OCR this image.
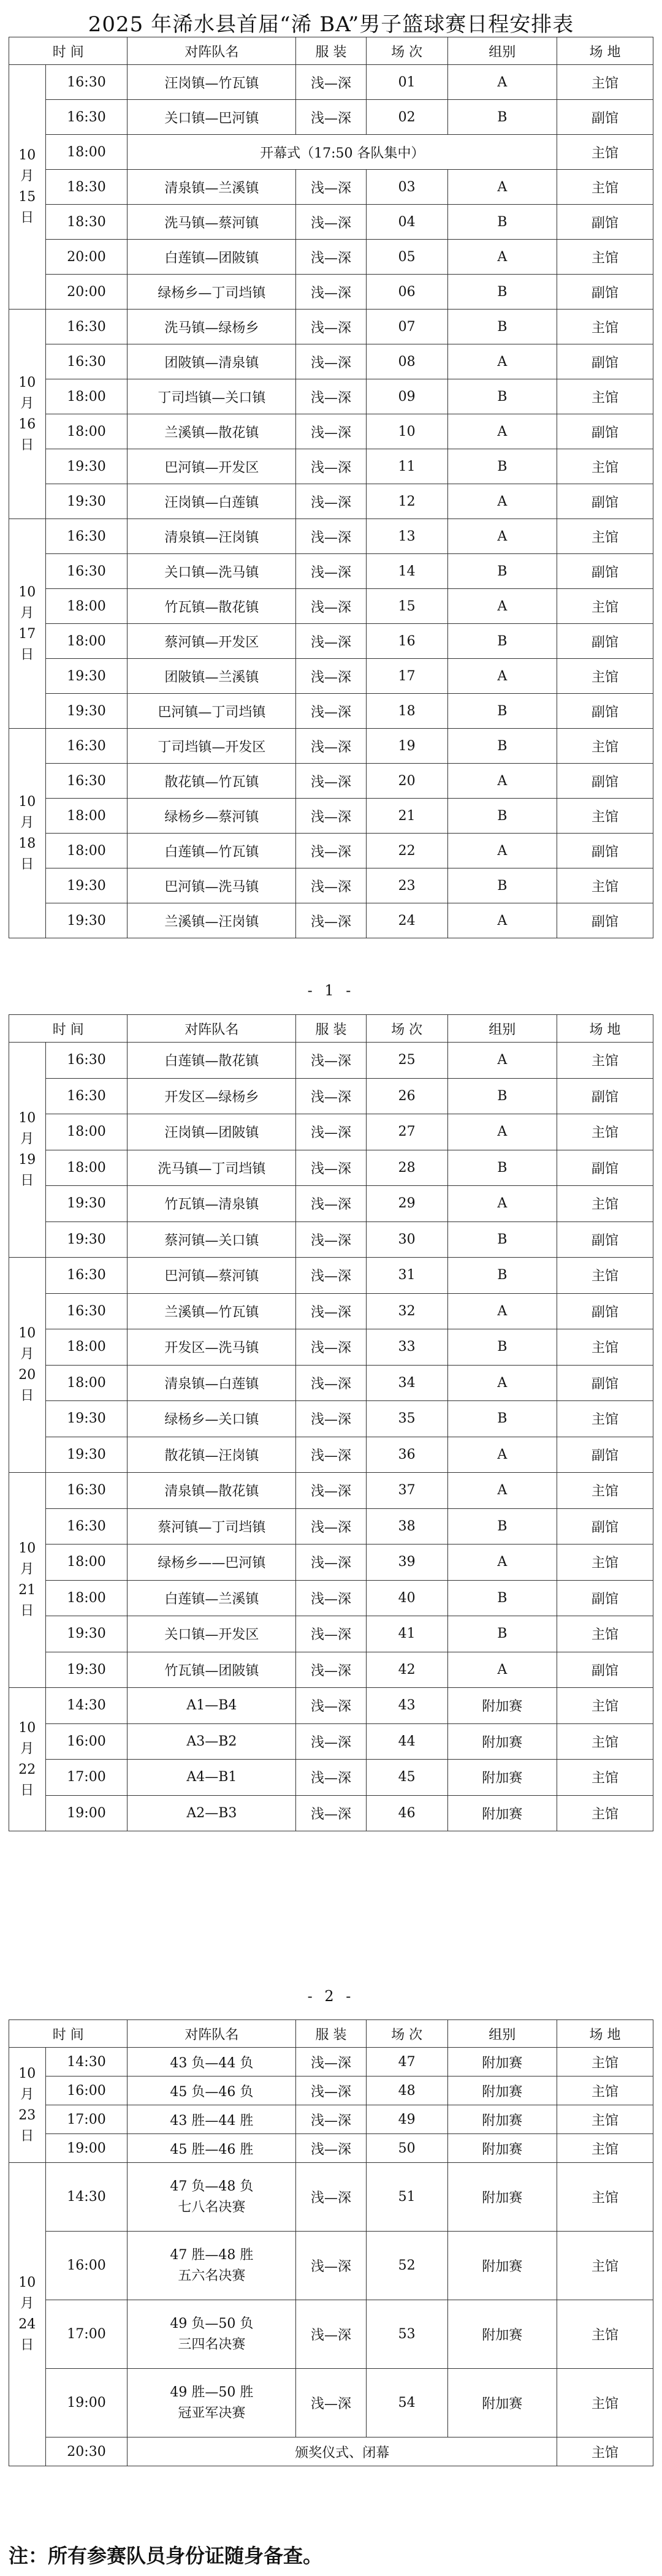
2025 年浠水县首届“浠 BA”男子篮球赛日程安排表
时 间		对阵队名	服 装	场 次	组别	场 地

10
月
15
日	16:30	汪岗镇—竹瓦镇	浅—深	01	A	主馆
	16:30	关口镇—巴河镇	浅—深	02	B	副馆
	18:00	开幕式（17:50 各队集中）				主馆
	18:30	清泉镇—兰溪镇	浅—深	03	A	主馆
	18:30	洗马镇—蔡河镇	浅—深	04	B	副馆
	20:00	白莲镇—团陂镇	浅—深	05	A	主馆
	20:00	绿杨乡—丁司垱镇	浅—深	06	B	副馆

10
月
16
日	16:30	洗马镇—绿杨乡	浅—深	07	B	主馆
	16:30	团陂镇—清泉镇	浅—深	08	A	副馆
	18:00	丁司垱镇—关口镇	浅—深	09	B	主馆
	18:00	兰溪镇—散花镇	浅—深	10	A	副馆
	19:30	巴河镇—开发区	浅—深	11	B	主馆
	19:30	汪岗镇—白莲镇	浅—深	12	A	副馆

10
月
17
日	16:30	清泉镇—汪岗镇	浅—深	13	A	主馆
	16:30	关口镇—洗马镇	浅—深	14	B	副馆
	18:00	竹瓦镇—散花镇	浅—深	15	A	主馆
	18:00	蔡河镇—开发区	浅—深	16	B	副馆
	19:30	团陂镇—兰溪镇	浅—深	17	A	主馆
	19:30	巴河镇—丁司垱镇	浅—深	18	B	副馆

10
月
18
日	16:30	丁司垱镇—开发区	浅—深	19	B	主馆
	16:30	散花镇—竹瓦镇	浅—深	20	A	副馆
	18:00	绿杨乡—蔡河镇	浅—深	21	B	主馆
	18:00	白莲镇—竹瓦镇	浅—深	22	A	副馆
	19:30	巴河镇—洗马镇	浅—深	23	B	主馆
	19:30	兰溪镇—汪岗镇	浅—深	24	A	副馆
- 1 -
时 间		对阵队名	服 装	场 次	组别	场 地

10
月
19
日	16:30	白莲镇—散花镇	浅—深	25	A	主馆
	16:30	开发区—绿杨乡	浅—深	26	B	副馆
	18:00	汪岗镇—团陂镇	浅—深	27	A	主馆
	18:00	洗马镇—丁司垱镇	浅—深	28	B	副馆
	19:30	竹瓦镇—清泉镇	浅—深	29	A	主馆
	19:30	蔡河镇—关口镇	浅—深	30	B	副馆

10
月
20
日	16:30	巴河镇—蔡河镇	浅—深	31	B	主馆
	16:30	兰溪镇—竹瓦镇	浅—深	32	A	副馆
	18:00	开发区—洗马镇	浅—深	33	B	主馆
	18:00	清泉镇—白莲镇	浅—深	34	A	副馆
	19:30	绿杨乡—关口镇	浅—深	35	B	主馆
	19:30	散花镇—汪岗镇	浅—深	36	A	副馆

10
月
21
日	16:30	清泉镇—散花镇	浅—深	37	A	主馆
	16:30	蔡河镇—丁司垱镇	浅—深	38	B	副馆
	18:00	绿杨乡——巴河镇	浅—深	39	A	主馆
	18:00	白莲镇—兰溪镇	浅—深	40	B	副馆
	19:30	关口镇—开发区	浅—深	41	B	主馆
	19:30	竹瓦镇—团陂镇	浅—深	42	A	副馆

10
月
22
日	14:30	A1—B4	浅—深	43	附加赛	主馆
	16:00	A3—B2	浅—深	44	附加赛	主馆
	17:00	A4—B1	浅—深	45	附加赛	主馆
	19:00	A2—B3	浅—深	46	附加赛	主馆
- 2 -
时 间		对阵队名	服 装	场 次	组别	场 地

10
月
23
日	14:30	43 负—44 负	浅—深	47	附加赛	主馆
	16:00	45 负—46 负	浅—深	48	附加赛	主馆
	17:00	43 胜—44 胜	浅—深	49	附加赛	主馆
	19:00	45 胜—46 胜	浅—深	50	附加赛	主馆

10
月
24
日	14:30	47 负—48 负
七八名决赛	浅—深	51	附加赛	主馆
	16:00	47 胜—48 胜
五六名决赛	浅—深	52	附加赛	主馆
	17:00	49 负—50 负
三四名决赛	浅—深	53	附加赛	主馆
	19:00	49 胜—50 胜
冠亚军决赛	浅—深	54	附加赛	主馆
	20:30	颁奖仪式、闭幕				主馆
注：所有参赛队员身份证随身备查。
